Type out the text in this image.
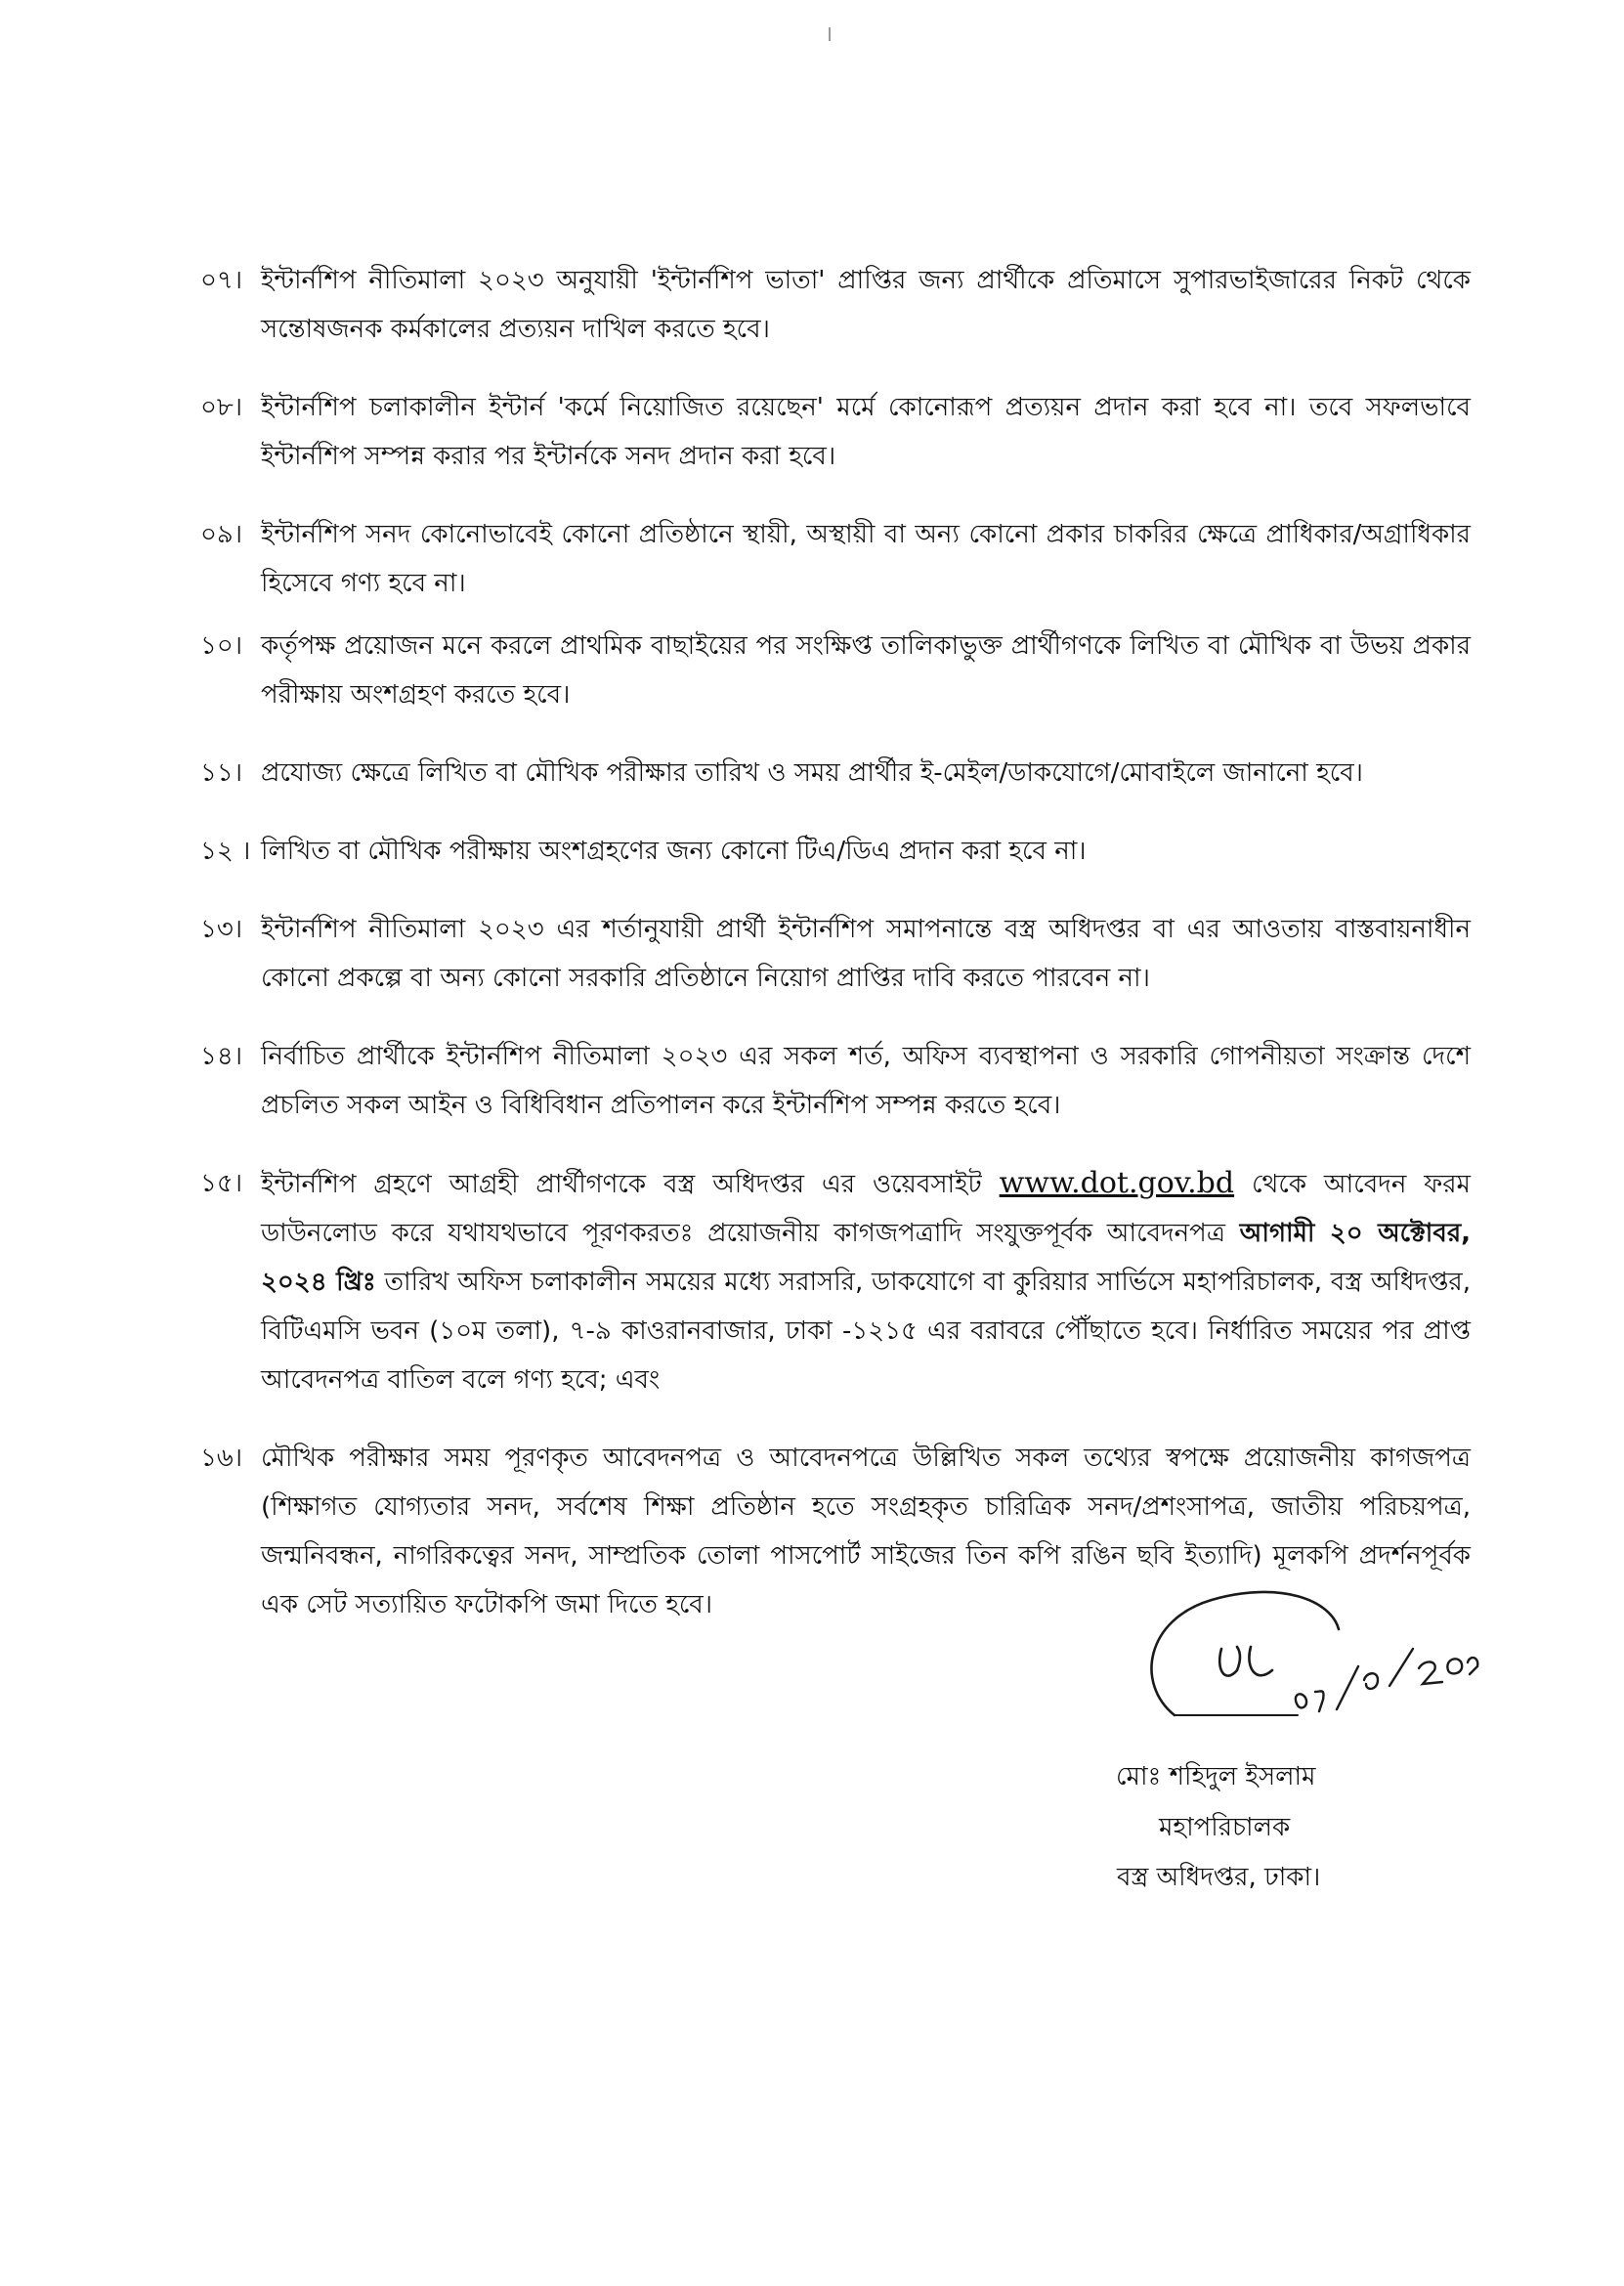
০৭। ইন্টার্নশিপ নীতিমালা ২০২৩ অনুযায়ী 'ইন্টার্নশিপ ভাতা' প্রাপ্তির জন্য প্রার্থীকে প্রতিমাসে সুপারভাইজারের নিকট থেকে সন্তোষজনক কর্মকালের প্রত্যয়ন দাখিল করতে হবে।
০৮। ইন্টার্নশিপ চলাকালীন ইন্টার্ন 'কর্মে নিয়োজিত রয়েছেন' মর্মে কোনোরূপ প্রত্যয়ন প্রদান করা হবে না। তবে সফলভাবে ইন্টার্নশিপ সম্পন্ন করার পর ইন্টার্নকে সনদ প্রদান করা হবে।
০৯। ইন্টার্নশিপ সনদ কোনোভাবেই কোনো প্রতিষ্ঠানে স্থায়ী, অস্থায়ী বা অন্য কোনো প্রকার চাকরির ক্ষেত্রে প্রাধিকার/অগ্রাধিকার হিসেবে গণ্য হবে না।
১০। কর্তৃপক্ষ প্রয়োজন মনে করলে প্রাথমিক বাছাইয়ের পর সংক্ষিপ্ত তালিকাভুক্ত প্রার্থীগণকে লিখিত বা মৌখিক বা উভয় প্রকার পরীক্ষায় অংশগ্রহণ করতে হবে।
১১। প্রযোজ্য ক্ষেত্রে লিখিত বা মৌখিক পরীক্ষার তারিখ ও সময় প্রার্থীর ই-মেইল/ডাকযোগে/মোবাইলে জানানো হবে।
১২ । লিখিত বা মৌখিক পরীক্ষায় অংশগ্রহণের জন্য কোনো টিএ/ডিএ প্রদান করা হবে না।
১৩। ইন্টার্নশিপ নীতিমালা ২০২৩ এর শর্তানুযায়ী প্রার্থী ইন্টার্নশিপ সমাপনান্তে বস্ত্র অধিদপ্তর বা এর আওতায় বাস্তবায়নাধীন কোনো প্রকল্পে বা অন্য কোনো সরকারি প্রতিষ্ঠানে নিয়োগ প্রাপ্তির দাবি করতে পারবেন না।
১৪। নির্বাচিত প্রার্থীকে ইন্টার্নশিপ নীতিমালা ২০২৩ এর সকল শর্ত, অফিস ব্যবস্থাপনা ও সরকারি গোপনীয়তা সংক্রান্ত দেশে প্রচলিত সকল আইন ও বিধিবিধান প্রতিপালন করে ইন্টার্নশিপ সম্পন্ন করতে হবে।
১৫। ইন্টার্নশিপ গ্রহণে আগ্রহী প্রার্থীগণকে বস্ত্র অধিদপ্তর এর ওয়েবসাইট www.dot.gov.bd থেকে আবেদন ফরম ডাউনলোড করে যথাযথভাবে পূরণকরতঃ প্রয়োজনীয় কাগজপত্রাদি সংযুক্তপূর্বক আবেদনপত্র আগামী ২০ অক্টোবর, ২০২৪ খ্রিঃ তারিখ অফিস চলাকালীন সময়ের মধ্যে সরাসরি, ডাকযোগে বা কুরিয়ার সার্ভিসে মহাপরিচালক, বস্ত্র অধিদপ্তর, বিটিএমসি ভবন (১০ম তলা), ৭-৯ কাওরানবাজার, ঢাকা -১২১৫ এর বরাবরে পৌঁছাতে হবে। নির্ধারিত সময়ের পর প্রাপ্ত আবেদনপত্র বাতিল বলে গণ্য হবে; এবং
১৬। মৌখিক পরীক্ষার সময় পূরণকৃত আবেদনপত্র ও আবেদনপত্রে উল্লিখিত সকল তথ্যের স্বপক্ষে প্রয়োজনীয় কাগজপত্র (শিক্ষাগত যোগ্যতার সনদ, সর্বশেষ শিক্ষা প্রতিষ্ঠান হতে সংগ্রহকৃত চারিত্রিক সনদ/প্রশংসাপত্র, জাতীয় পরিচয়পত্র, জন্মনিবন্ধন, নাগরিকত্বের সনদ, সাম্প্রতিক তোলা পাসপোর্ট সাইজের তিন কপি রঙিন ছবি ইত্যাদি) মূলকপি প্রদর্শনপূর্বক এক সেট সত্যায়িত ফটোকপি জমা দিতে হবে।
মোঃ শহিদুল ইসলাম
মহাপরিচালক
বস্ত্র অধিদপ্তর, ঢাকা।
